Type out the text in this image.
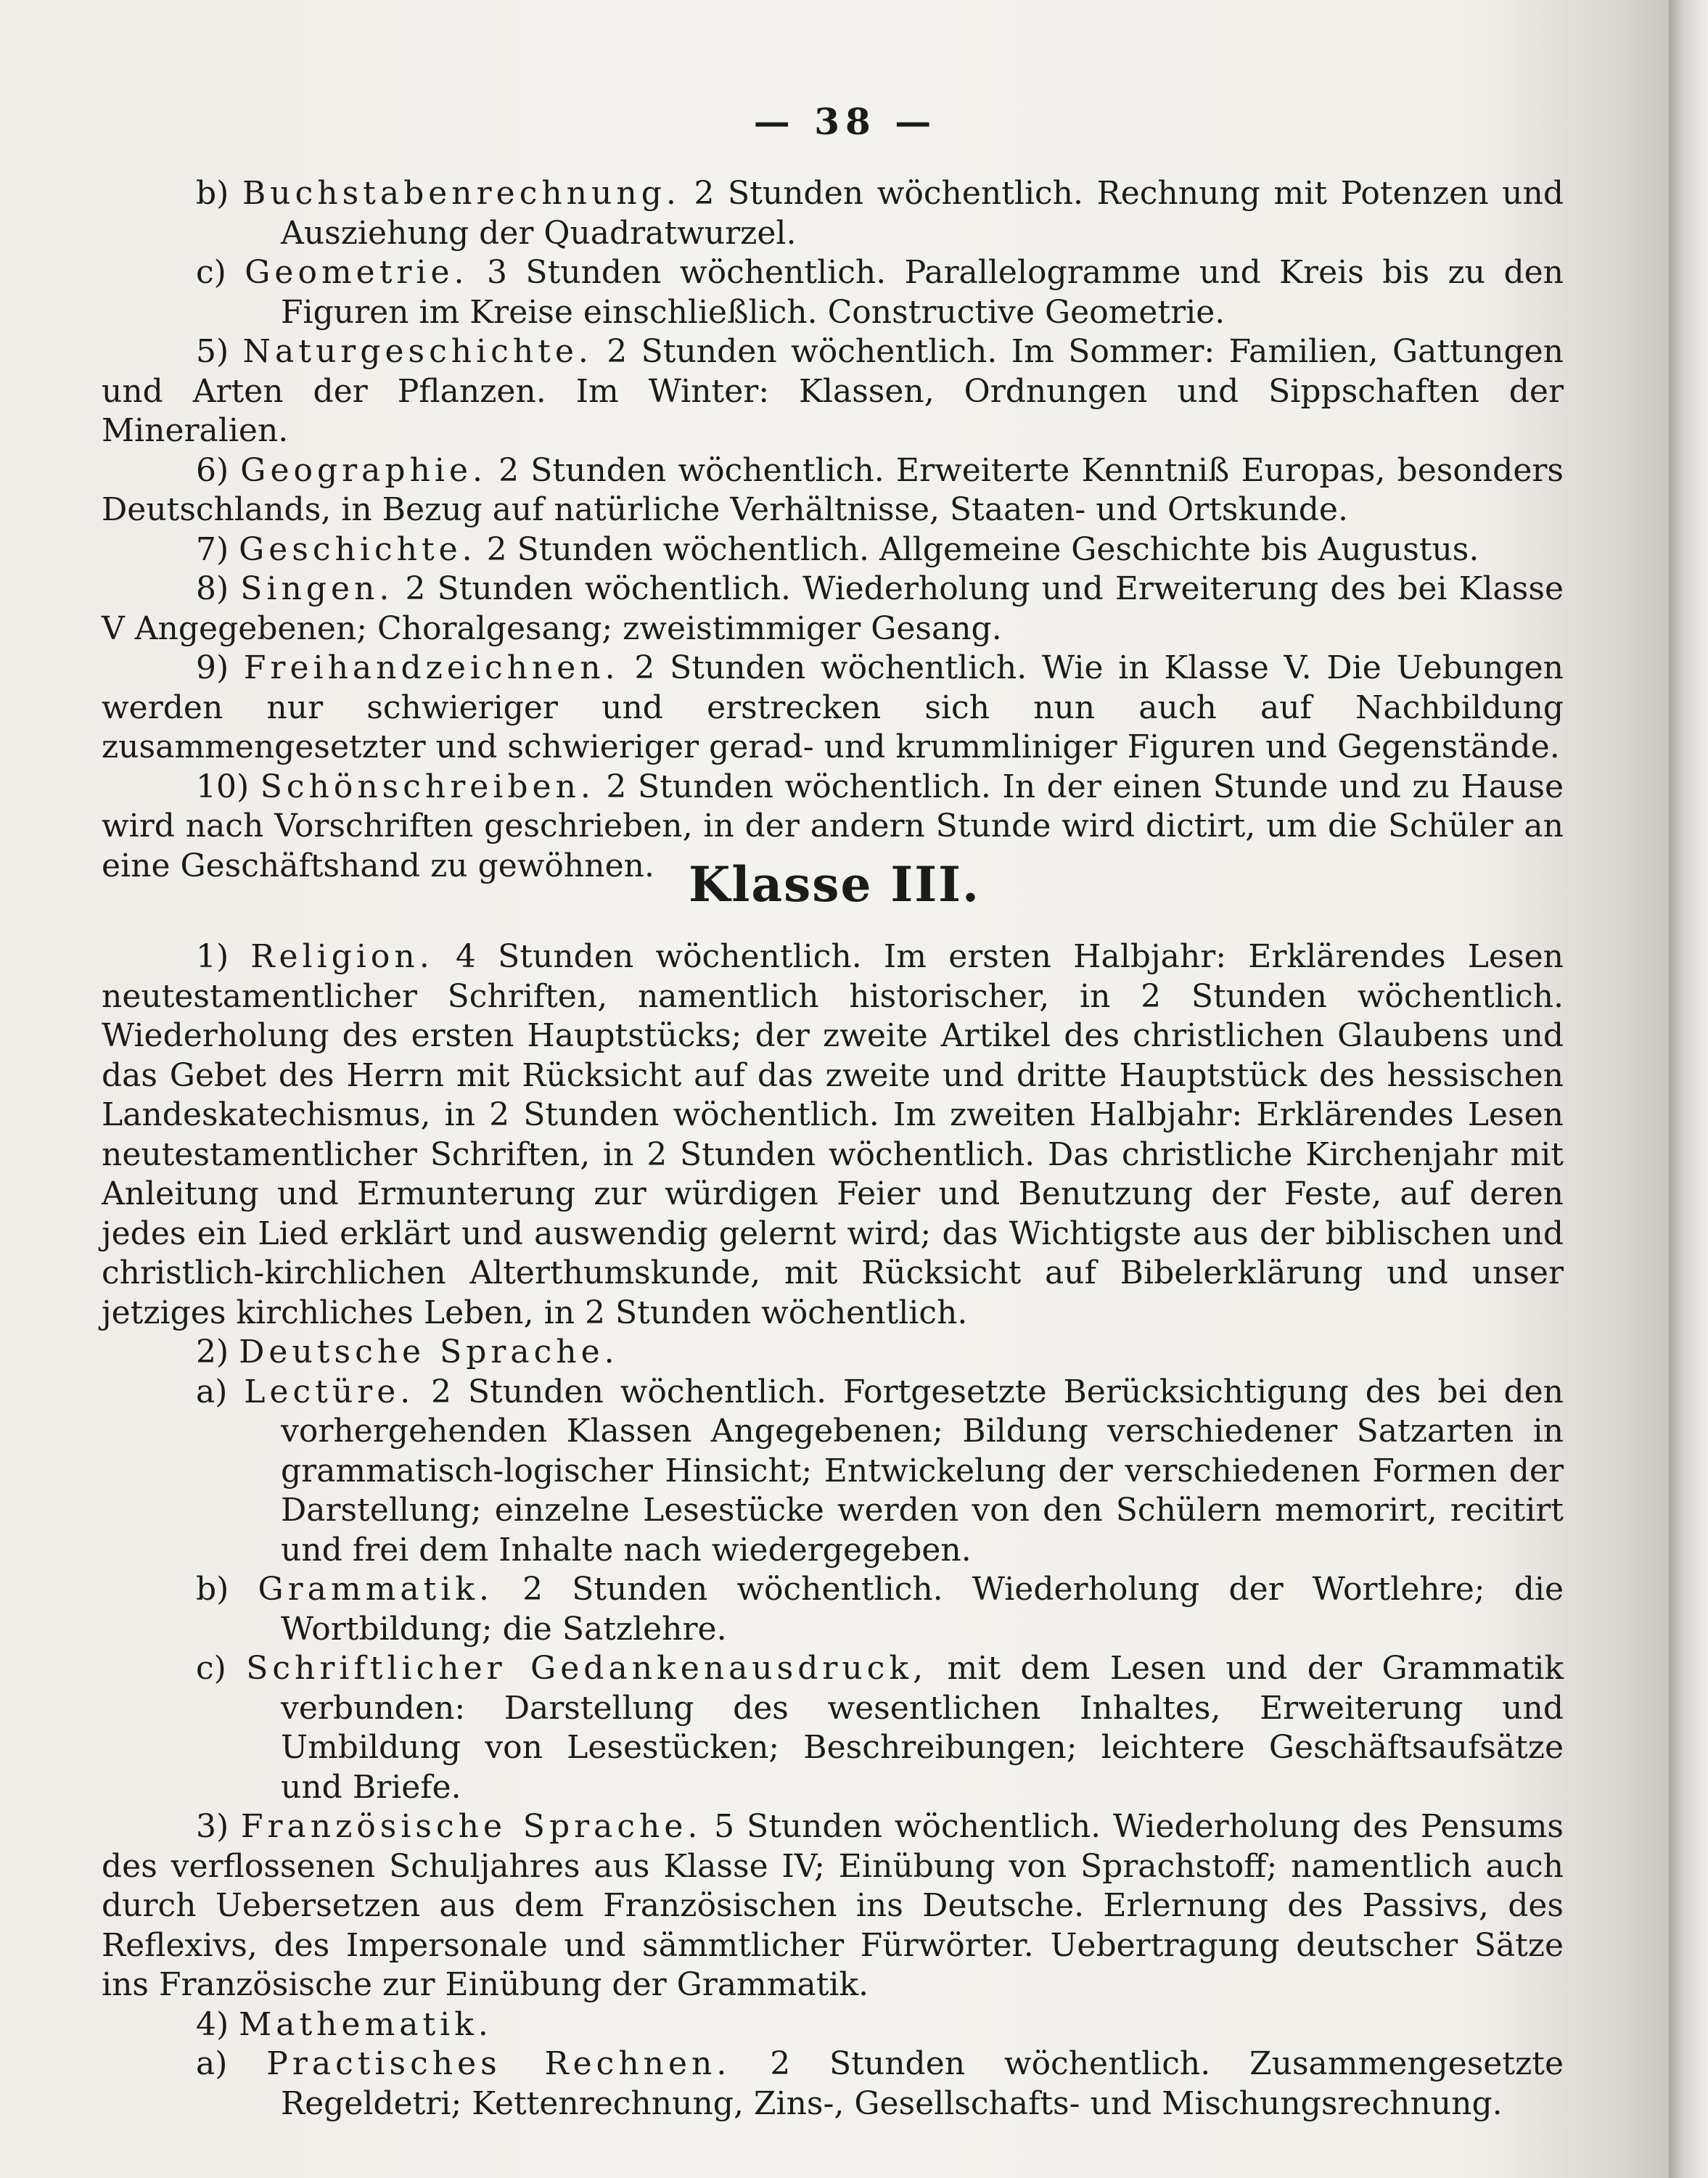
— 38 —

b) Buchstabenrechnung. 2 Stunden wöchentlich. Rechnung mit Potenzen und Ausziehung der Quadratwurzel.

c) Geometrie. 3 Stunden wöchentlich. Parallelogramme und Kreis bis zu den Figuren im Kreise einschließlich. Constructive Geometrie.

5) Naturgeschichte. 2 Stunden wöchentlich. Im Sommer: Familien, Gattungen und Arten der Pflanzen. Im Winter: Klassen, Ordnungen und Sippschaften der Mineralien.

6) Geographie. 2 Stunden wöchentlich. Erweiterte Kenntniß Europas, besonders Deutschlands, in Bezug auf natürliche Verhältnisse, Staaten- und Ortskunde.

7) Geschichte. 2 Stunden wöchentlich. Allgemeine Geschichte bis Augustus.

8) Singen. 2 Stunden wöchentlich. Wiederholung und Erweiterung des bei Klasse V Angegebenen; Choralgesang; zweistimmiger Gesang.

9) Freihandzeichnen. 2 Stunden wöchentlich. Wie in Klasse V. Die Uebungen werden nur schwieriger und erstrecken sich nun auch auf Nachbildung zusammengesetzter und schwieriger gerad- und krummliniger Figuren und Gegenstände.

10) Schönschreiben. 2 Stunden wöchentlich. In der einen Stunde und zu Hause wird nach Vorschriften geschrieben, in der andern Stunde wird dictirt, um die Schüler an eine Geschäftshand zu gewöhnen. Klasse III.

1) Religion. 4 Stunden wöchentlich. Im ersten Halbjahr: Erklärendes Lesen neutestamentlicher Schriften, namentlich historischer, in 2 Stunden wöchentlich. Wiederholung des ersten Hauptstücks; der zweite Artikel des christlichen Glaubens und das Gebet des Herrn mit Rücksicht auf das zweite und dritte Hauptstück des hessischen Landeskatechismus, in 2 Stunden wöchentlich. Im zweiten Halbjahr: Erklärendes Lesen neutestamentlicher Schriften, in 2 Stunden wöchentlich. Das christliche Kirchenjahr mit Anleitung und Ermunterung zur würdigen Feier und Benutzung der Feste, auf deren jedes ein Lied erklärt und auswendig gelernt wird; das Wichtigste aus der biblischen und christlich-kirchlichen Alterthumskunde, mit Rücksicht auf Bibelerklärung und unser jetziges kirchliches Leben, in 2 Stunden wöchentlich.

2) Deutsche Sprache.

a) Lectüre. 2 Stunden wöchentlich. Fortgesetzte Berücksichtigung des bei den vorhergehenden Klassen Angegebenen; Bildung verschiedener Satzarten in grammatisch-logischer Hinsicht; Entwickelung der verschiedenen Formen der Darstellung; einzelne Lesestücke werden von den Schülern memorirt, recitirt und frei dem Inhalte nach wiedergegeben.

b) Grammatik. 2 Stunden wöchentlich. Wiederholung der Wortlehre; die Wortbildung; die Satzlehre.

c) Schriftlicher Gedankenausdruck, mit dem Lesen und der Grammatik verbunden: Darstellung des wesentlichen Inhaltes, Erweiterung und Umbildung von Lesestücken; Beschreibungen; leichtere Geschäftsaufsätze und Briefe.

3) Französische Sprache. 5 Stunden wöchentlich. Wiederholung des Pensums des verflossenen Schuljahres aus Klasse IV; Einübung von Sprachstoff; namentlich auch durch Uebersetzen aus dem Französischen ins Deutsche. Erlernung des Passivs, des Reflexivs, des Impersonale und sämmtlicher Fürwörter. Uebertragung deutscher Sätze ins Französische zur Einübung der Grammatik.

4) Mathematik.

a) Practisches Rechnen. 2 Stunden wöchentlich. Zusammengesetzte Regeldetri; Kettenrechnung, Zins-, Gesellschafts- und Mischungsrechnung.
